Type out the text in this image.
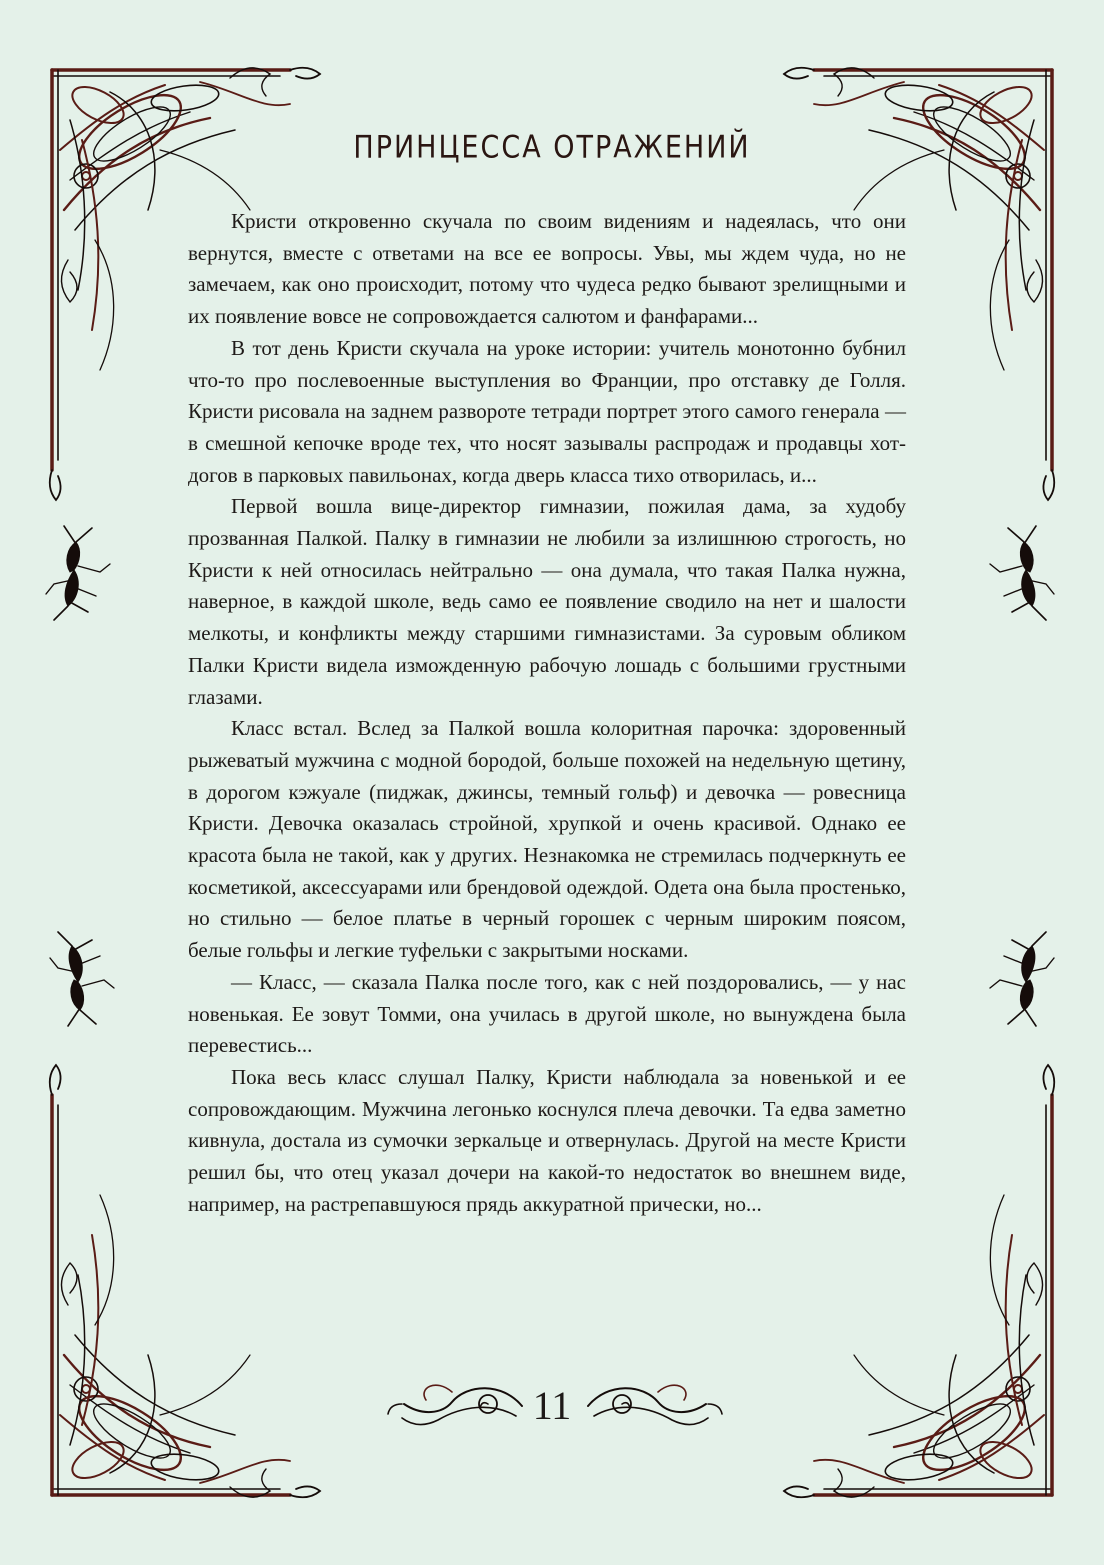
ПРИНЦЕССА ОТРАЖЕНИЙ

Кристи откровенно скучала по своим видениям и надеялась, что они вернутся, вместе с ответами на все ее вопросы. Увы, мы ждем чуда, но не замечаем, как оно происходит, потому что чудеса редко бывают зрелищными и их появление вовсе не сопровождается салютом и фанфарами...

В тот день Кристи скучала на уроке истории: учитель монотонно бубнил что-то про послевоенные выступления во Франции, про отставку де Голля. Кристи рисовала на заднем развороте тетради портрет этого самого генерала — в смешной кепочке вроде тех, что носят зазывалы распродаж и продавцы хот-догов в парковых павильонах, когда дверь класса тихо отворилась, и...

Первой вошла вице-директор гимназии, пожилая дама, за худобу прозванная Палкой. Палку в гимназии не любили за излишнюю строгость, но Кристи к ней относилась нейтрально — она думала, что такая Палка нужна, наверное, в каждой школе, ведь само ее появление сводило на нет и шалости мелкоты, и конфликты между старшими гимназистами. За суровым обликом Палки Кристи видела изможденную рабочую лошадь с большими грустными глазами.

Класс встал. Вслед за Палкой вошла колоритная парочка: здоровенный рыжеватый мужчина с модной бородой, больше похожей на недельную щетину, в дорогом кэжуале (пиджак, джинсы, темный гольф) и девочка — ровесница Кристи. Девочка оказалась стройной, хрупкой и очень красивой. Однако ее красота была не такой, как у других. Незнакомка не стремилась подчеркнуть ее косметикой, аксессуарами или брендовой одеждой. Одета она была простенько, но стильно — белое платье в черный горошек с черным широким поясом, белые гольфы и легкие туфельки с закрытыми носками.

— Класс, — сказала Палка после того, как с ней поздоровались, — у нас новенькая. Ее зовут Томми, она училась в другой школе, но вынуждена была перевестись...

Пока весь класс слушал Палку, Кристи наблюдала за новенькой и ее сопровождающим. Мужчина легонько коснулся плеча девочки. Та едва заметно кивнула, достала из сумочки зеркальце и отвернулась. Другой на месте Кристи решил бы, что отец указал дочери на какой-то недостаток во внешнем виде, например, на растрепавшуюся прядь аккуратной прически, но...

11
